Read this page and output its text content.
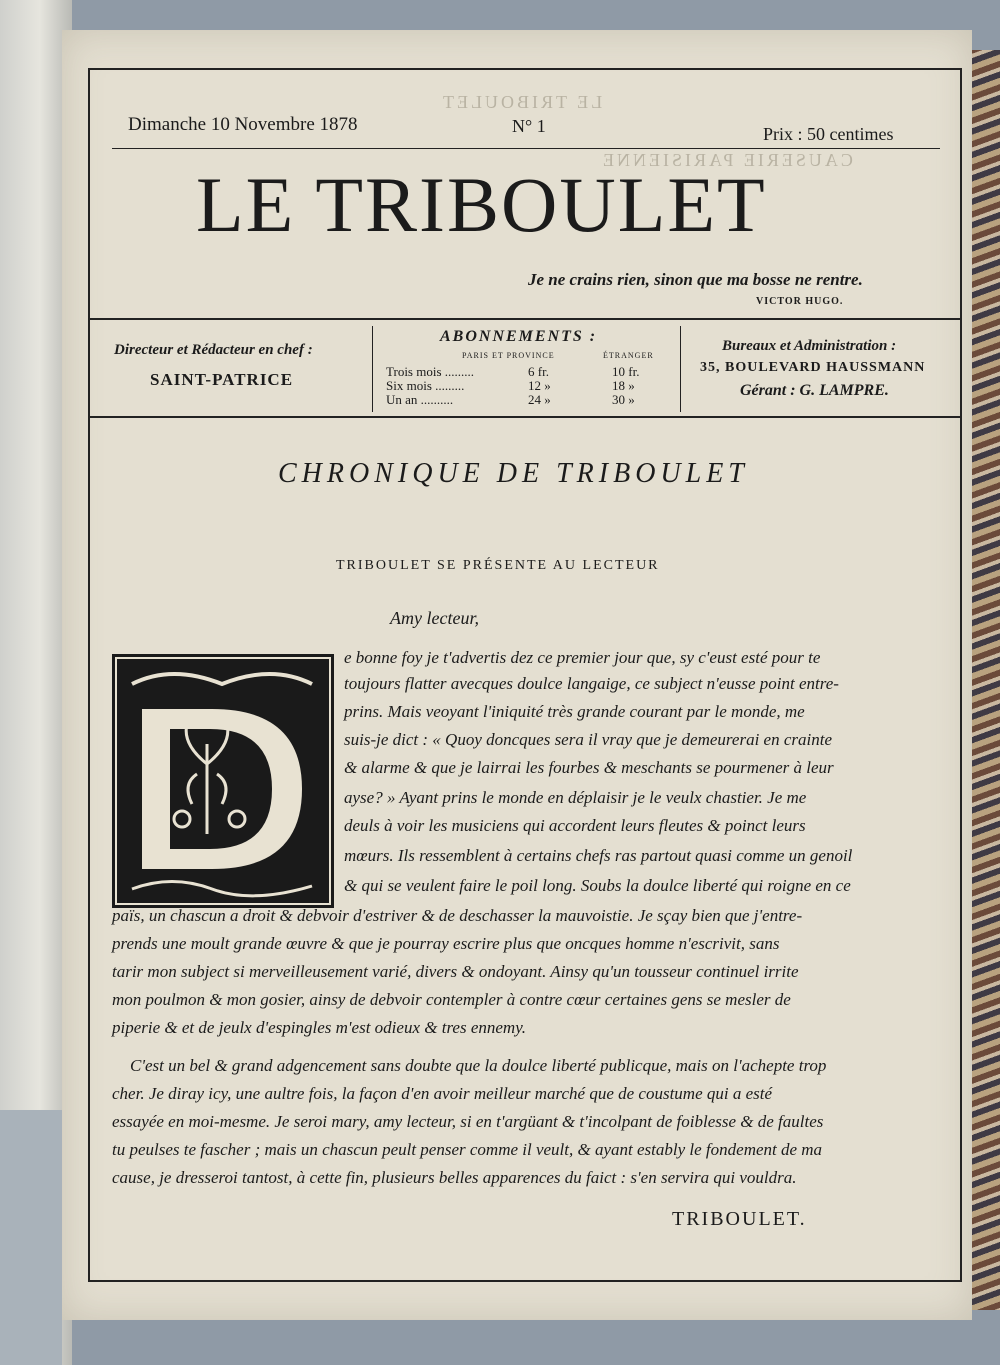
LE TRIBOULET
CAUSERIE PARISIENNE
Dimanche 10 Novembre 1878	N° 1	Prix : 50 centimes
LE TRIBOULET
Je ne crains rien, sinon que ma bosse ne rentre.
VICTOR HUGO.
Directeur et Rédacteur en chef :
SAINT-PATRICE
ABONNEMENTS :
PARIS ET PROVINCE	ÉTRANGER
Trois mois .........	6 fr.	10 fr.
Six mois .........	12 »	18 »
Un an ..........	24 »	30 »
Bureaux et Administration :
35, BOULEVARD HAUSSMANN
Gérant : G. LAMPRE.
CHRONIQUE DE TRIBOULET
TRIBOULET SE PRÉSENTE AU LECTEUR
Amy lecteur,
e bonne foy je t'advertis dez ce premier jour que, sy c'eust esté pour te
toujours flatter avecques doulce langaige, ce subject n'eusse point entre-
prins. Mais veoyant l'iniquité très grande courant par le monde, me
suis-je dict : « Quoy doncques sera il vray que je demeurerai en crainte
& alarme & que je lairrai les fourbes & meschants se pourmener à leur
ayse? » Ayant prins le monde en déplaisir je le veulx chastier. Je me
deuls à voir les musiciens qui accordent leurs fleutes & poinct leurs
mœurs. Ils ressemblent à certains chefs ras partout quasi comme un genoil
& qui se veulent faire le poil long. Soubs la doulce liberté qui roigne en ce
païs, un chascun a droit & debvoir d'estriver & de deschasser la mauvoistie. Je sçay bien que j'entre-
prends une moult grande œuvre & que je pourray escrire plus que oncques homme n'escrivit, sans
tarir mon subject si merveilleusement varié, divers & ondoyant. Ainsy qu'un tousseur continuel irrite
mon poulmon & mon gosier, ainsy de debvoir contempler à contre cœur certaines gens se mesler de
piperie & et de jeulx d'espingles m'est odieux & tres ennemy.
C'est un bel & grand adgencement sans doubte que la doulce liberté publicque, mais on l'achepte trop
cher. Je diray icy, une aultre fois, la façon d'en avoir meilleur marché que de coustume qui a esté
essayée en moi-mesme. Je seroi mary, amy lecteur, si en t'argüant & t'incolpant de foiblesse & de faultes
tu peulses te fascher ; mais un chascun peult penser comme il veult, & ayant estably le fondement de ma
cause, je dresseroi tantost, à cette fin, plusieurs belles apparences du faict : s'en servira qui vouldra.
TRIBOULET.
